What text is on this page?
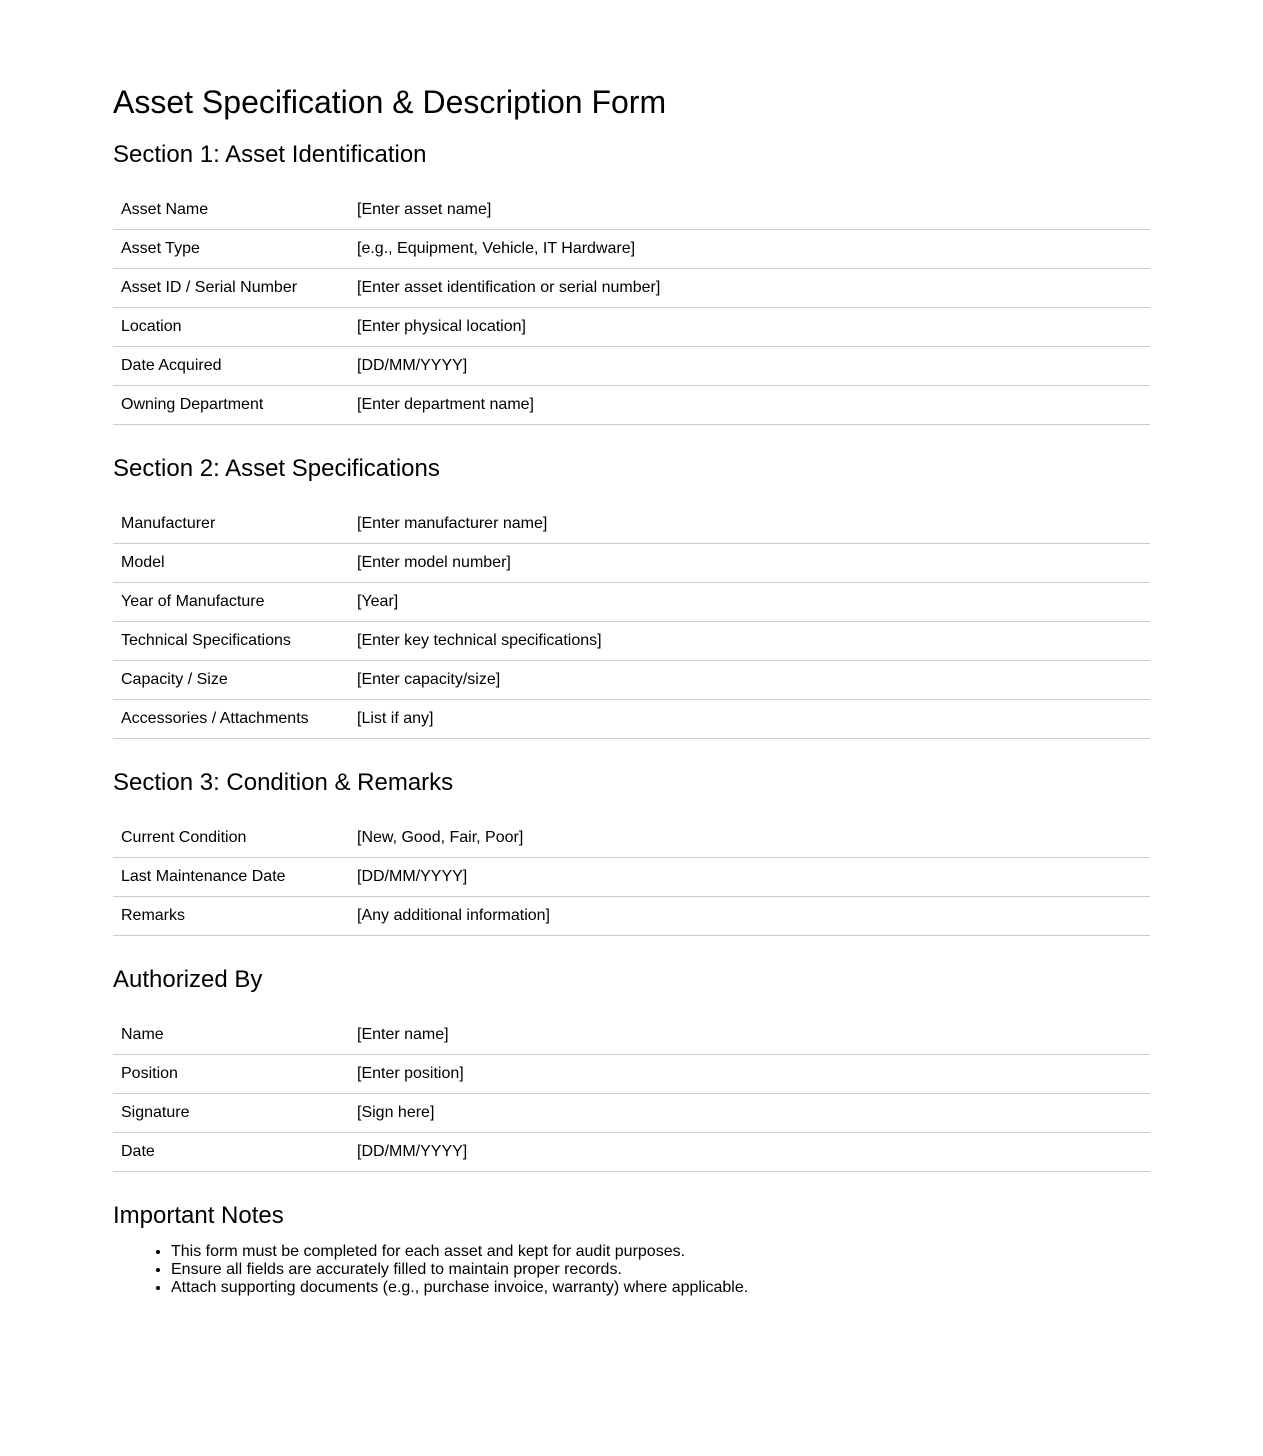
Asset Specification & Description Form
Section 1: Asset Identification
Asset Name	[Enter asset name]
Asset Type	[e.g., Equipment, Vehicle, IT Hardware]
Asset ID / Serial Number	[Enter asset identification or serial number]
Location	[Enter physical location]
Date Acquired	[DD/MM/YYYY]
Owning Department	[Enter department name]
Section 2: Asset Specifications
Manufacturer	[Enter manufacturer name]
Model	[Enter model number]
Year of Manufacture	[Year]
Technical Specifications	[Enter key technical specifications]
Capacity / Size	[Enter capacity/size]
Accessories / Attachments	[List if any]
Section 3: Condition & Remarks
Current Condition	[New, Good, Fair, Poor]
Last Maintenance Date	[DD/MM/YYYY]
Remarks	[Any additional information]
Authorized By
Name	[Enter name]
Position	[Enter position]
Signature	[Sign here]
Date	[DD/MM/YYYY]
Important Notes
• This form must be completed for each asset and kept for audit purposes.
• Ensure all fields are accurately filled to maintain proper records.
• Attach supporting documents (e.g., purchase invoice, warranty) where applicable.
